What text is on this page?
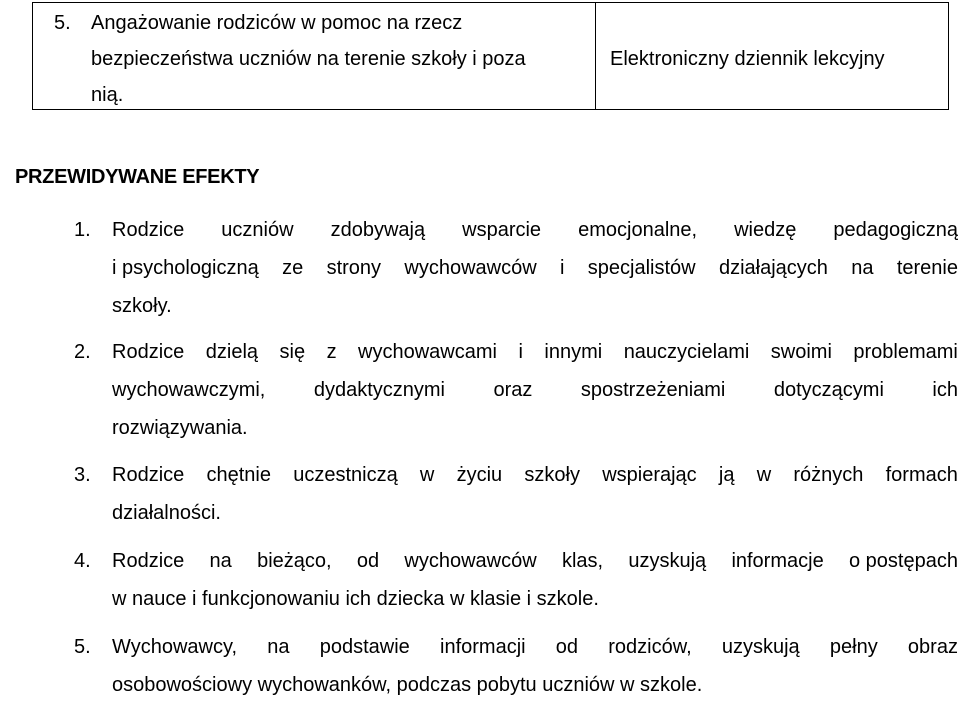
5. Angażowanie rodziców w pomoc na rzecz
bezpieczeństwa uczniów na terenie szkoły i poza
nią.
Elektroniczny dziennik lekcyjny
PRZEWIDYWANE EFEKTY
1. Rodzice uczniów zdobywają wsparcie emocjonalne, wiedzę pedagogiczną
i psychologiczną ze strony wychowawców i specjalistów działających na terenie
szkoły.
2. Rodzice dzielą się z wychowawcami i innymi nauczycielami swoimi problemami
wychowawczymi, dydaktycznymi oraz spostrzeżeniami dotyczącymi ich
rozwiązywania.
3. Rodzice chętnie uczestniczą w życiu szkoły wspierając ją w różnych formach
działalności.
4. Rodzice na bieżąco, od wychowawców klas, uzyskują informacje o postępach
w nauce i funkcjonowaniu ich dziecka w klasie i szkole.
5. Wychowawcy, na podstawie informacji od rodziców, uzyskują pełny obraz
osobowościowy wychowanków, podczas pobytu uczniów w szkole.
